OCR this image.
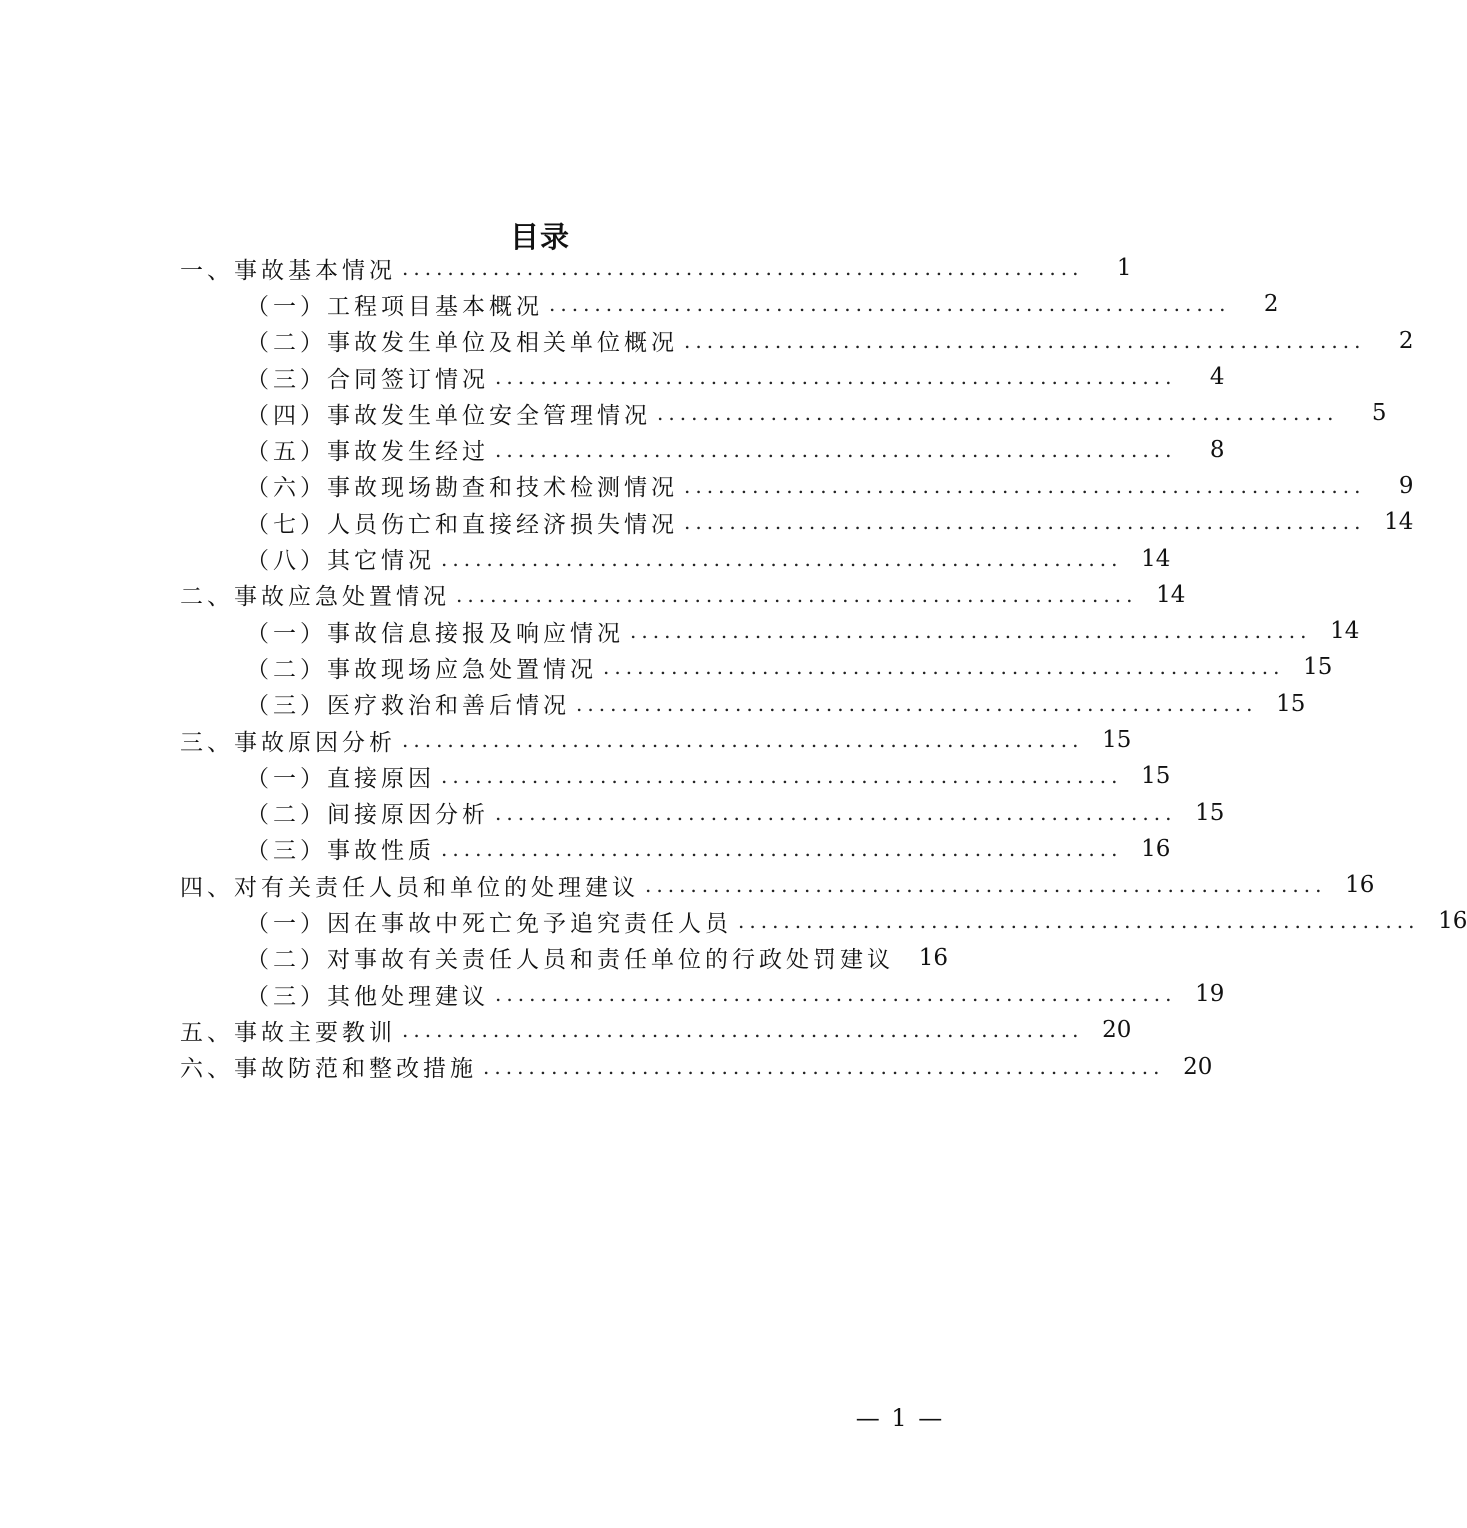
目录
一、事故基本情况 ............................................................	1
（一）工程项目基本概况 ............................................................	2
（二）事故发生单位及相关单位概况 ............................................................	2
（三）合同签订情况 ............................................................	4
（四）事故发生单位安全管理情况 ............................................................	5
（五）事故发生经过 ............................................................	8
（六）事故现场勘查和技术检测情况 ............................................................	9
（七）人员伤亡和直接经济损失情况 ............................................................ 14
（八）其它情况 ............................................................ 14
二、事故应急处置情况 ............................................................ 14
（一）事故信息接报及响应情况 ............................................................ 14
（二）事故现场应急处置情况 ............................................................ 15
（三）医疗救治和善后情况 ............................................................ 15
三、事故原因分析 ............................................................ 15
（一）直接原因 ............................................................ 15
（二）间接原因分析 ............................................................ 15
（三）事故性质 ............................................................ 16
四、对有关责任人员和单位的处理建议 ............................................................ 16
（一）因在事故中死亡免予追究责任人员 ............................................................ 16
（二）对事故有关责任人员和责任单位的行政处罚建议	16
（三）其他处理建议 ............................................................ 19
五、事故主要教训 ............................................................ 20
六、事故防范和整改措施 ............................................................ 20
— 1 —
